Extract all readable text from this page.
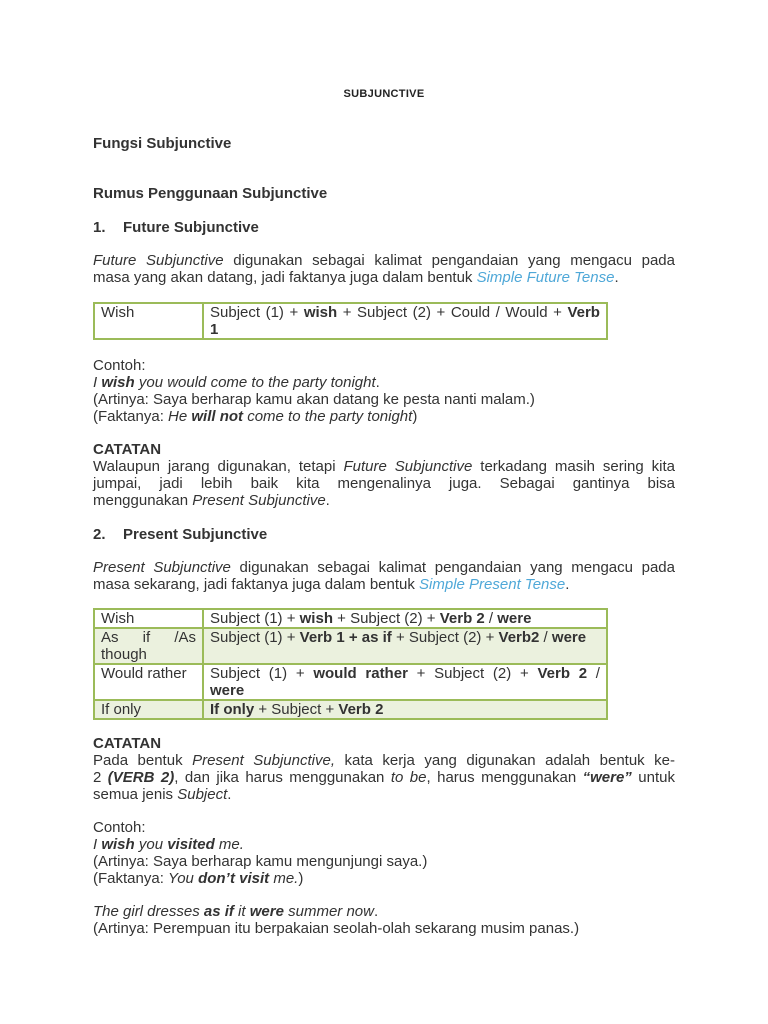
SUBJUNCTIVE
Fungsi Subjunctive
Rumus Penggunaan Subjunctive
1. Future Subjunctive
Future Subjunctive digunakan sebagai kalimat pengandaian yang mengacu pada
masa yang akan datang, jadi faktanya juga dalam bentuk Simple Future Tense.
Wish	Subject (1) + wish + Subject (2) + Could / Would + Verb
1
Contoh:
I wish you would come to the party tonight.
(Artinya: Saya berharap kamu akan datang ke pesta nanti malam.)
(Faktanya: He will not come to the party tonight)
CATATAN
Walaupun jarang digunakan, tetapi Future Subjunctive terkadang masih sering kita
jumpai, jadi lebih baik kita mengenalinya juga. Sebagai gantinya bisa
menggunakan Present Subjunctive.
2. Present Subjunctive
Present Subjunctive digunakan sebagai kalimat pengandaian yang mengacu pada
masa sekarang, jadi faktanya juga dalam bentuk Simple Present Tense.
Wish	Subject (1) + wish + Subject (2) + Verb 2 / were

As if /As
though	Subject (1) + Verb 1 + as if + Subject (2) + Verb2 / were
Would rather	Subject (1) + would rather + Subject (2) + Verb 2 /
were
If only	If only + Subject + Verb 2
CATATAN
Pada bentuk Present Subjunctive, kata kerja yang digunakan adalah bentuk ke-
2 (VERB 2), dan jika harus menggunakan to be, harus menggunakan “were” untuk
semua jenis Subject.
Contoh:
I wish you visited me.
(Artinya: Saya berharap kamu mengunjungi saya.)
(Faktanya: You don’t visit me.)
The girl dresses as if it were summer now.
(Artinya: Perempuan itu berpakaian seolah-olah sekarang musim panas.)
